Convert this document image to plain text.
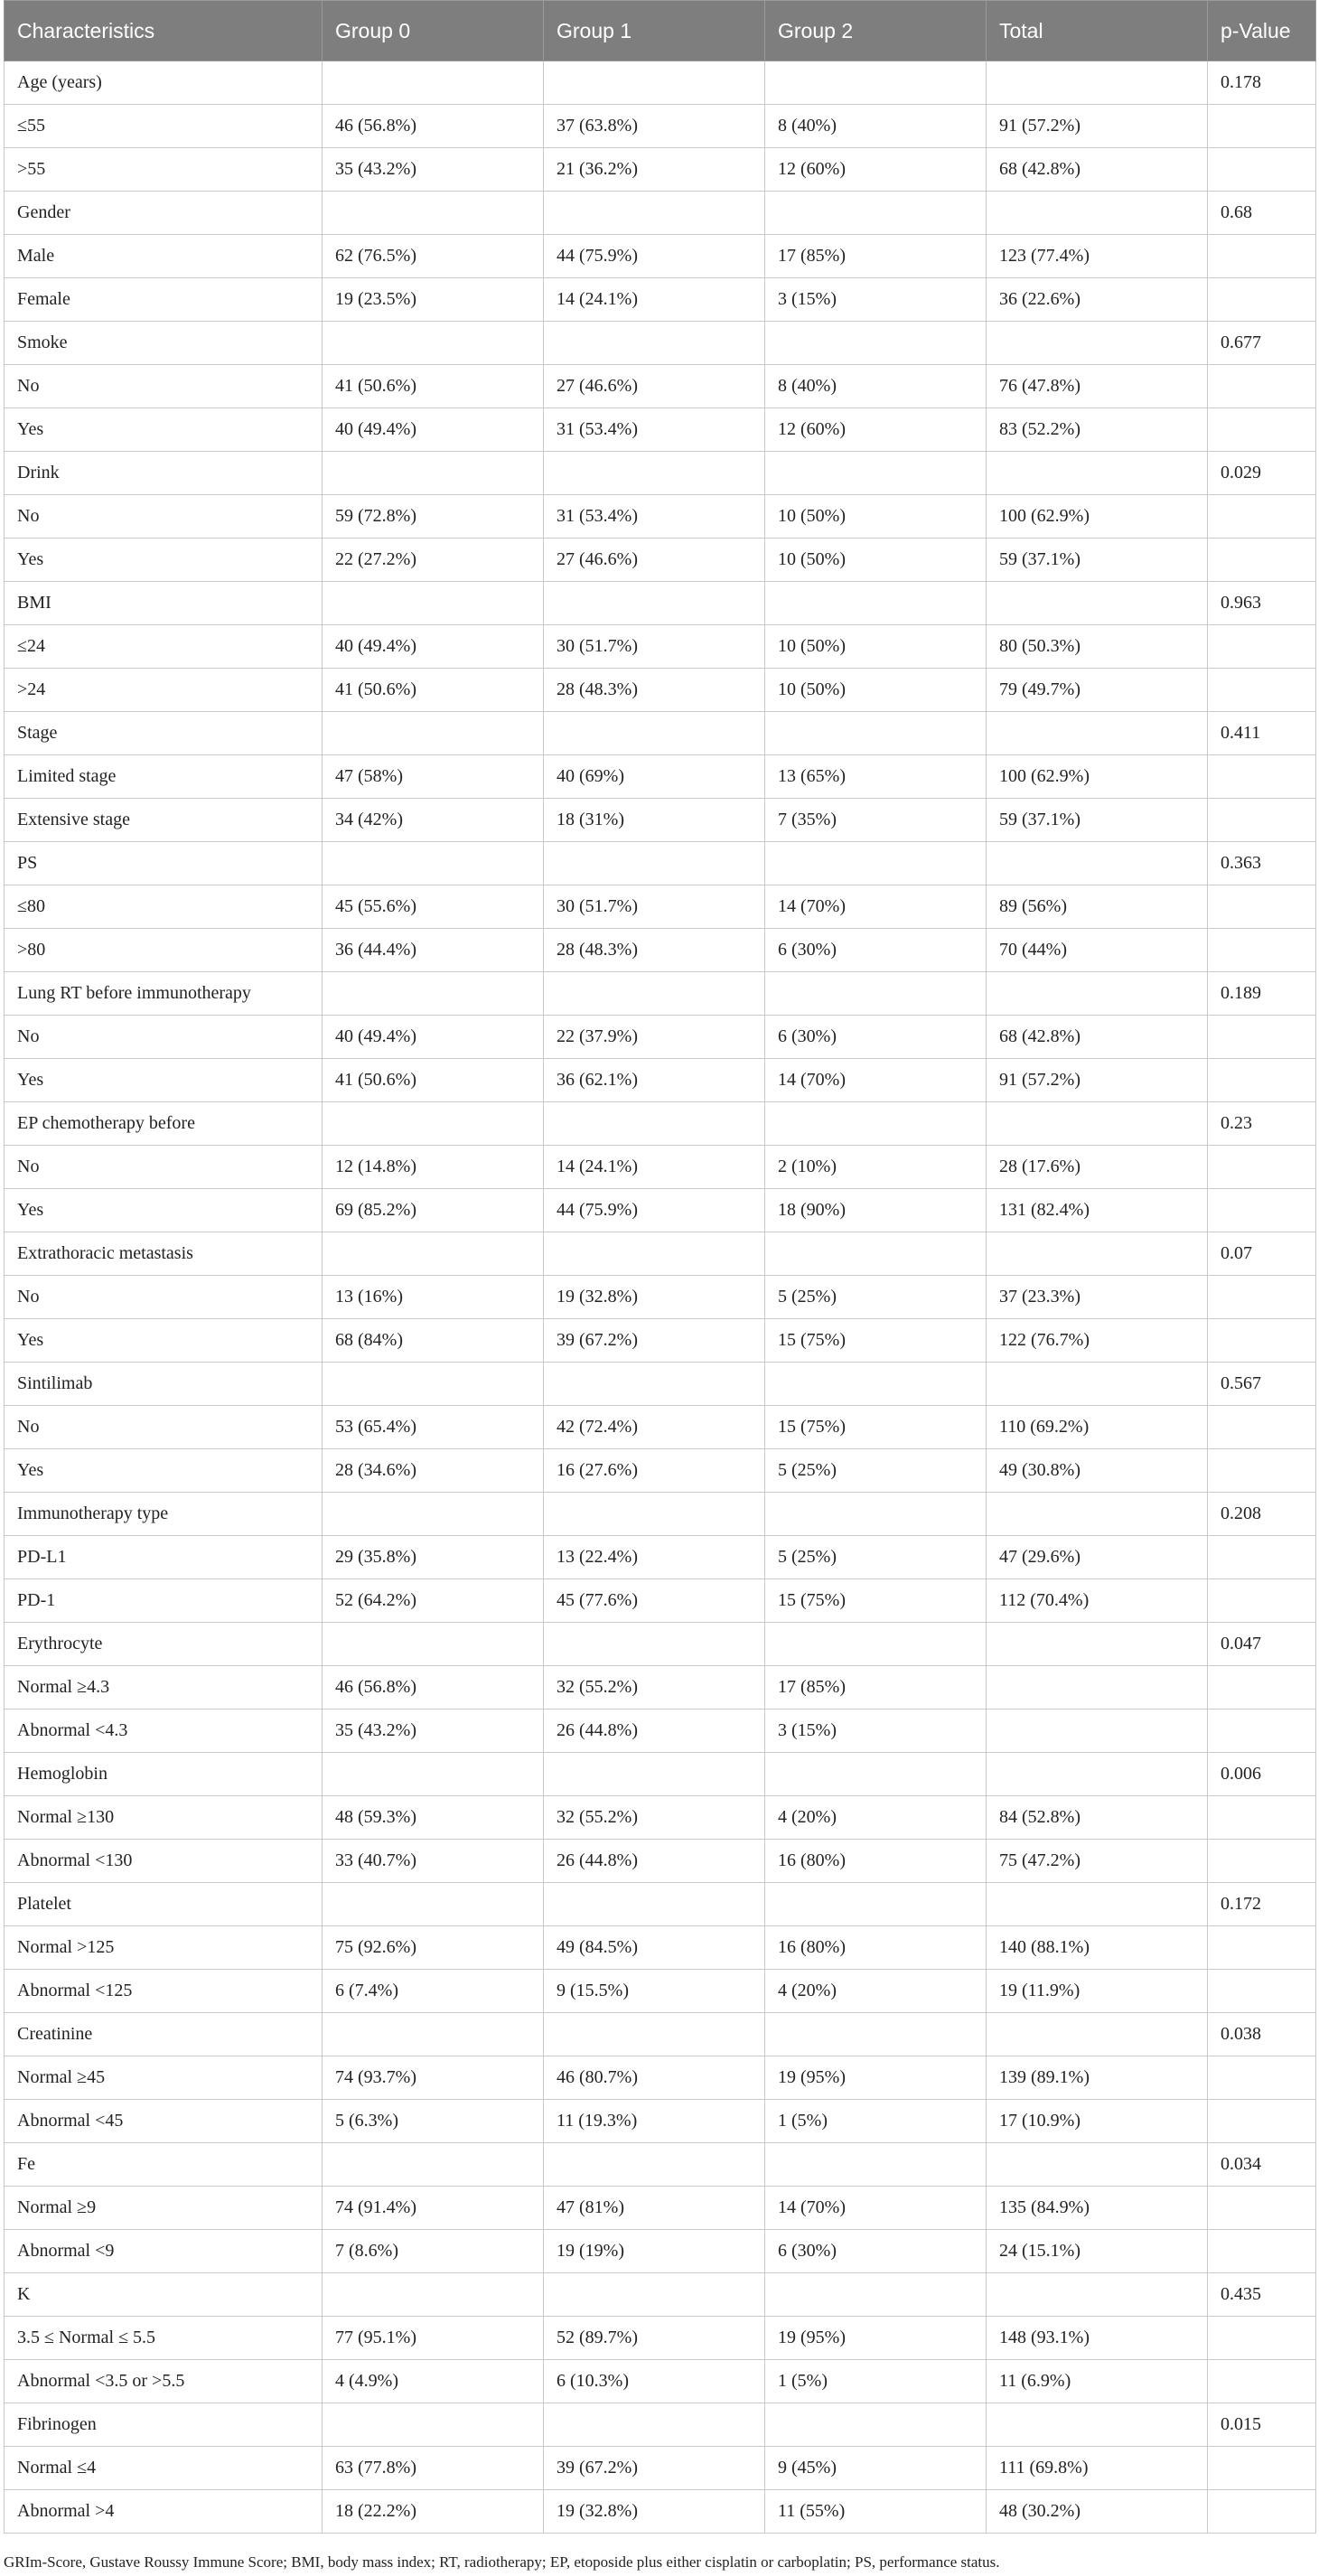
Characteristics	Group 0	Group 1	Group 2	Total	p-Value
Age (years)					0.178
≤55	46 (56.8%)	37 (63.8%)	8 (40%)	91 (57.2%)	
>55	35 (43.2%)	21 (36.2%)	12 (60%)	68 (42.8%)	
Gender					0.68
Male	62 (76.5%)	44 (75.9%)	17 (85%)	123 (77.4%)	
Female	19 (23.5%)	14 (24.1%)	3 (15%)	36 (22.6%)	
Smoke					0.677
No	41 (50.6%)	27 (46.6%)	8 (40%)	76 (47.8%)	
Yes	40 (49.4%)	31 (53.4%)	12 (60%)	83 (52.2%)	
Drink					0.029
No	59 (72.8%)	31 (53.4%)	10 (50%)	100 (62.9%)	
Yes	22 (27.2%)	27 (46.6%)	10 (50%)	59 (37.1%)	
BMI					0.963
≤24	40 (49.4%)	30 (51.7%)	10 (50%)	80 (50.3%)	
>24	41 (50.6%)	28 (48.3%)	10 (50%)	79 (49.7%)	
Stage					0.411
Limited stage	47 (58%)	40 (69%)	13 (65%)	100 (62.9%)	
Extensive stage	34 (42%)	18 (31%)	7 (35%)	59 (37.1%)	
PS					0.363
≤80	45 (55.6%)	30 (51.7%)	14 (70%)	89 (56%)	
>80	36 (44.4%)	28 (48.3%)	6 (30%)	70 (44%)	
Lung RT before immunotherapy					0.189
No	40 (49.4%)	22 (37.9%)	6 (30%)	68 (42.8%)	
Yes	41 (50.6%)	36 (62.1%)	14 (70%)	91 (57.2%)	
EP chemotherapy before					0.23
No	12 (14.8%)	14 (24.1%)	2 (10%)	28 (17.6%)	
Yes	69 (85.2%)	44 (75.9%)	18 (90%)	131 (82.4%)	
Extrathoracic metastasis					0.07
No	13 (16%)	19 (32.8%)	5 (25%)	37 (23.3%)	
Yes	68 (84%)	39 (67.2%)	15 (75%)	122 (76.7%)	
Sintilimab					0.567
No	53 (65.4%)	42 (72.4%)	15 (75%)	110 (69.2%)	
Yes	28 (34.6%)	16 (27.6%)	5 (25%)	49 (30.8%)	
Immunotherapy type					0.208
PD-L1	29 (35.8%)	13 (22.4%)	5 (25%)	47 (29.6%)	
PD-1	52 (64.2%)	45 (77.6%)	15 (75%)	112 (70.4%)	
Erythrocyte					0.047
Normal ≥4.3	46 (56.8%)	32 (55.2%)	17 (85%)		
Abnormal <4.3	35 (43.2%)	26 (44.8%)	3 (15%)		
Hemoglobin					0.006
Normal ≥130	48 (59.3%)	32 (55.2%)	4 (20%)	84 (52.8%)	
Abnormal <130	33 (40.7%)	26 (44.8%)	16 (80%)	75 (47.2%)	
Platelet					0.172
Normal >125	75 (92.6%)	49 (84.5%)	16 (80%)	140 (88.1%)	
Abnormal <125	6 (7.4%)	9 (15.5%)	4 (20%)	19 (11.9%)	
Creatinine					0.038
Normal ≥45	74 (93.7%)	46 (80.7%)	19 (95%)	139 (89.1%)	
Abnormal <45	5 (6.3%)	11 (19.3%)	1 (5%)	17 (10.9%)	
Fe					0.034
Normal ≥9	74 (91.4%)	47 (81%)	14 (70%)	135 (84.9%)	
Abnormal <9	7 (8.6%)	19 (19%)	6 (30%)	24 (15.1%)	
K					0.435
3.5 ≤ Normal ≤ 5.5	77 (95.1%)	52 (89.7%)	19 (95%)	148 (93.1%)	
Abnormal <3.5 or >5.5	4 (4.9%)	6 (10.3%)	1 (5%)	11 (6.9%)	
Fibrinogen					0.015
Normal ≤4	63 (77.8%)	39 (67.2%)	9 (45%)	111 (69.8%)	
Abnormal >4	18 (22.2%)	19 (32.8%)	11 (55%)	48 (30.2%)	
GRIm-Score, Gustave Roussy Immune Score; BMI, body mass index; RT, radiotherapy; EP, etoposide plus either cisplatin or carboplatin; PS, performance status.
